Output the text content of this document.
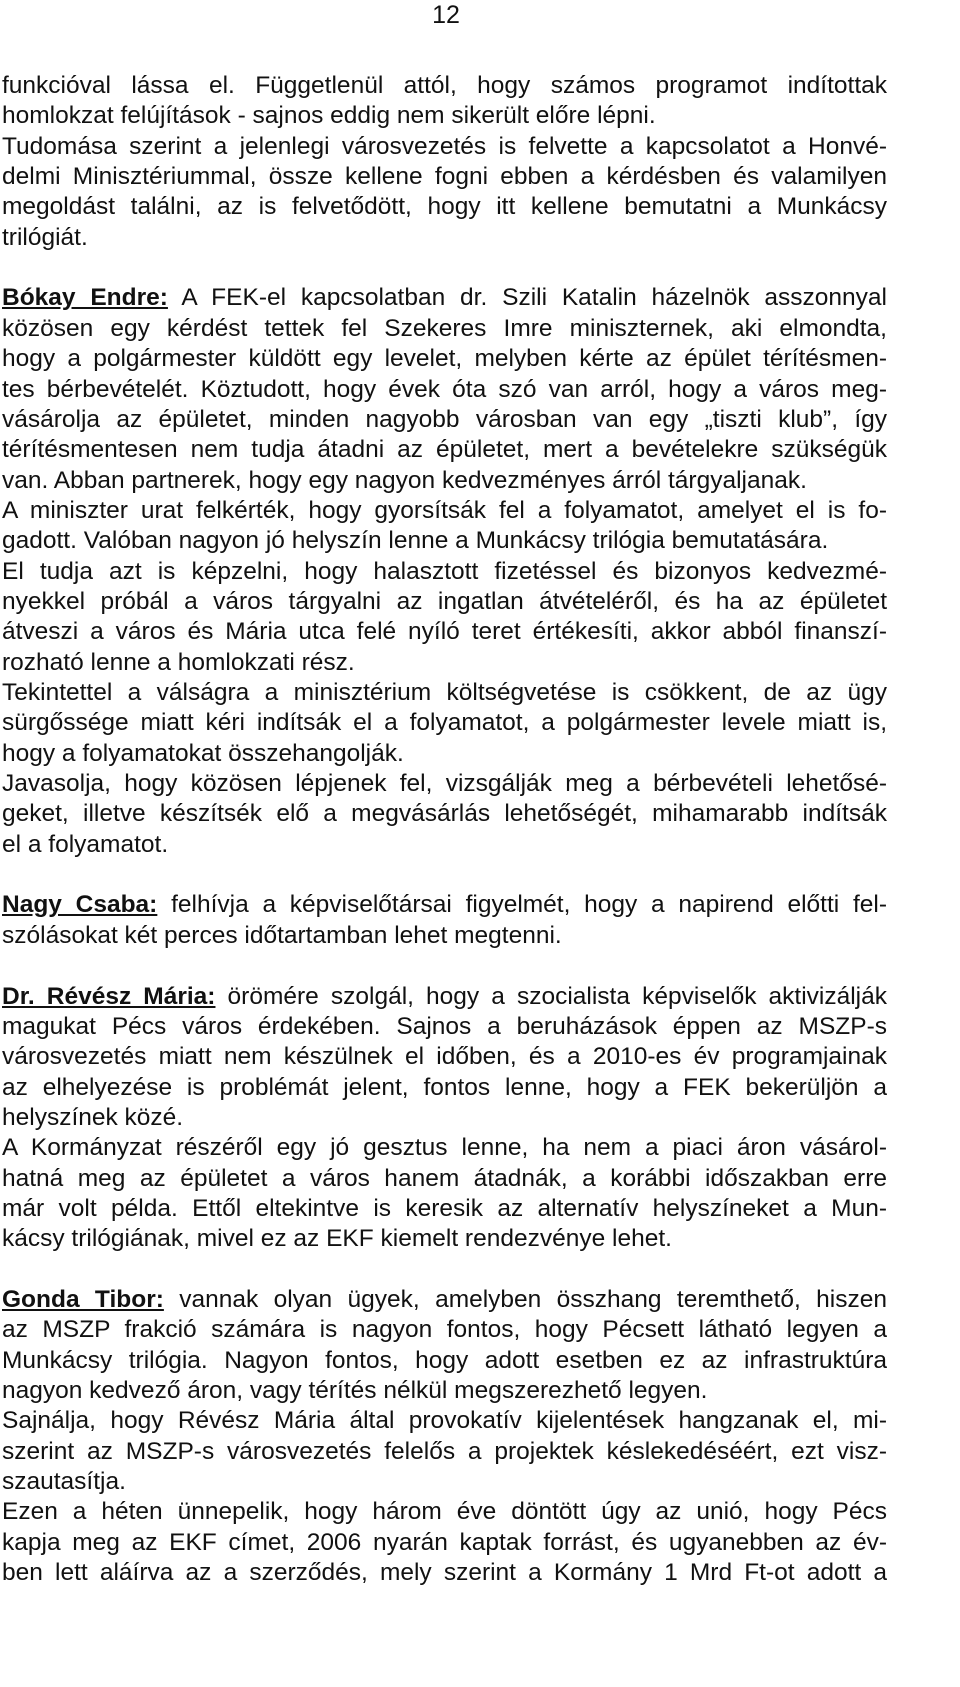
12
funkcióval lássa el. Függetlenül attól, hogy számos programot indítottak
homlokzat felújítások - sajnos eddig nem sikerült előre lépni.
Tudomása szerint a jelenlegi városvezetés is felvette a kapcsolatot a Honvé-
delmi Minisztériummal, össze kellene fogni ebben a kérdésben és valamilyen
megoldást találni, az is felvetődött, hogy itt kellene bemutatni a Munkácsy
trilógiát.
Bókay Endre: A FEK-el kapcsolatban dr. Szili Katalin házelnök asszonnyal
közösen egy kérdést tettek fel Szekeres Imre miniszternek, aki elmondta,
hogy a polgármester küldött egy levelet, melyben kérte az épület térítésmen-
tes bérbevételét. Köztudott, hogy évek óta szó van arról, hogy a város meg-
vásárolja az épületet, minden nagyobb városban van egy „tiszti klub”, így
térítésmentesen nem tudja átadni az épületet, mert a bevételekre szükségük
van. Abban partnerek, hogy egy nagyon kedvezményes árról tárgyaljanak.
A miniszter urat felkérték, hogy gyorsítsák fel a folyamatot, amelyet el is fo-
gadott. Valóban nagyon jó helyszín lenne a Munkácsy trilógia bemutatására.
El tudja azt is képzelni, hogy halasztott fizetéssel és bizonyos kedvezmé-
nyekkel próbál a város tárgyalni az ingatlan átvételéről, és ha az épületet
átveszi a város és Mária utca felé nyíló teret értékesíti, akkor abból finanszí-
rozható lenne a homlokzati rész.
Tekintettel a válságra a minisztérium költségvetése is csökkent, de az ügy
sürgőssége miatt kéri indítsák el a folyamatot, a polgármester levele miatt is,
hogy a folyamatokat összehangolják.
Javasolja, hogy közösen lépjenek fel, vizsgálják meg a bérbevételi lehetősé-
geket, illetve készítsék elő a megvásárlás lehetőségét, mihamarabb indítsák
el a folyamatot.
Nagy Csaba: felhívja a képviselőtársai figyelmét, hogy a napirend előtti fel-
szólásokat két perces időtartamban lehet megtenni.
Dr. Révész Mária: örömére szolgál, hogy a szocialista képviselők aktivizálják
magukat Pécs város érdekében. Sajnos a beruházások éppen az MSZP-s
városvezetés miatt nem készülnek el időben, és a 2010-es év programjainak
az elhelyezése is problémát jelent, fontos lenne, hogy a FEK bekerüljön a
helyszínek közé.
A Kormányzat részéről egy jó gesztus lenne, ha nem a piaci áron vásárol-
hatná meg az épületet a város hanem átadnák, a korábbi időszakban erre
már volt példa. Ettől eltekintve is keresik az alternatív helyszíneket a Mun-
kácsy trilógiának, mivel ez az EKF kiemelt rendezvénye lehet.
Gonda Tibor: vannak olyan ügyek, amelyben összhang teremthető, hiszen
az MSZP frakció számára is nagyon fontos, hogy Pécsett látható legyen a
Munkácsy trilógia. Nagyon fontos, hogy adott esetben ez az infrastruktúra
nagyon kedvező áron, vagy térítés nélkül megszerezhető legyen.
Sajnálja, hogy Révész Mária által provokatív kijelentések hangzanak el, mi-
szerint az MSZP-s városvezetés felelős a projektek késlekedéséért, ezt visz-
szautasítja.
Ezen a héten ünnepelik, hogy három éve döntött úgy az unió, hogy Pécs
kapja meg az EKF címet, 2006 nyarán kaptak forrást, és ugyanebben az év-
ben lett aláírva az a szerződés, mely szerint a Kormány 1 Mrd Ft-ot adott a
